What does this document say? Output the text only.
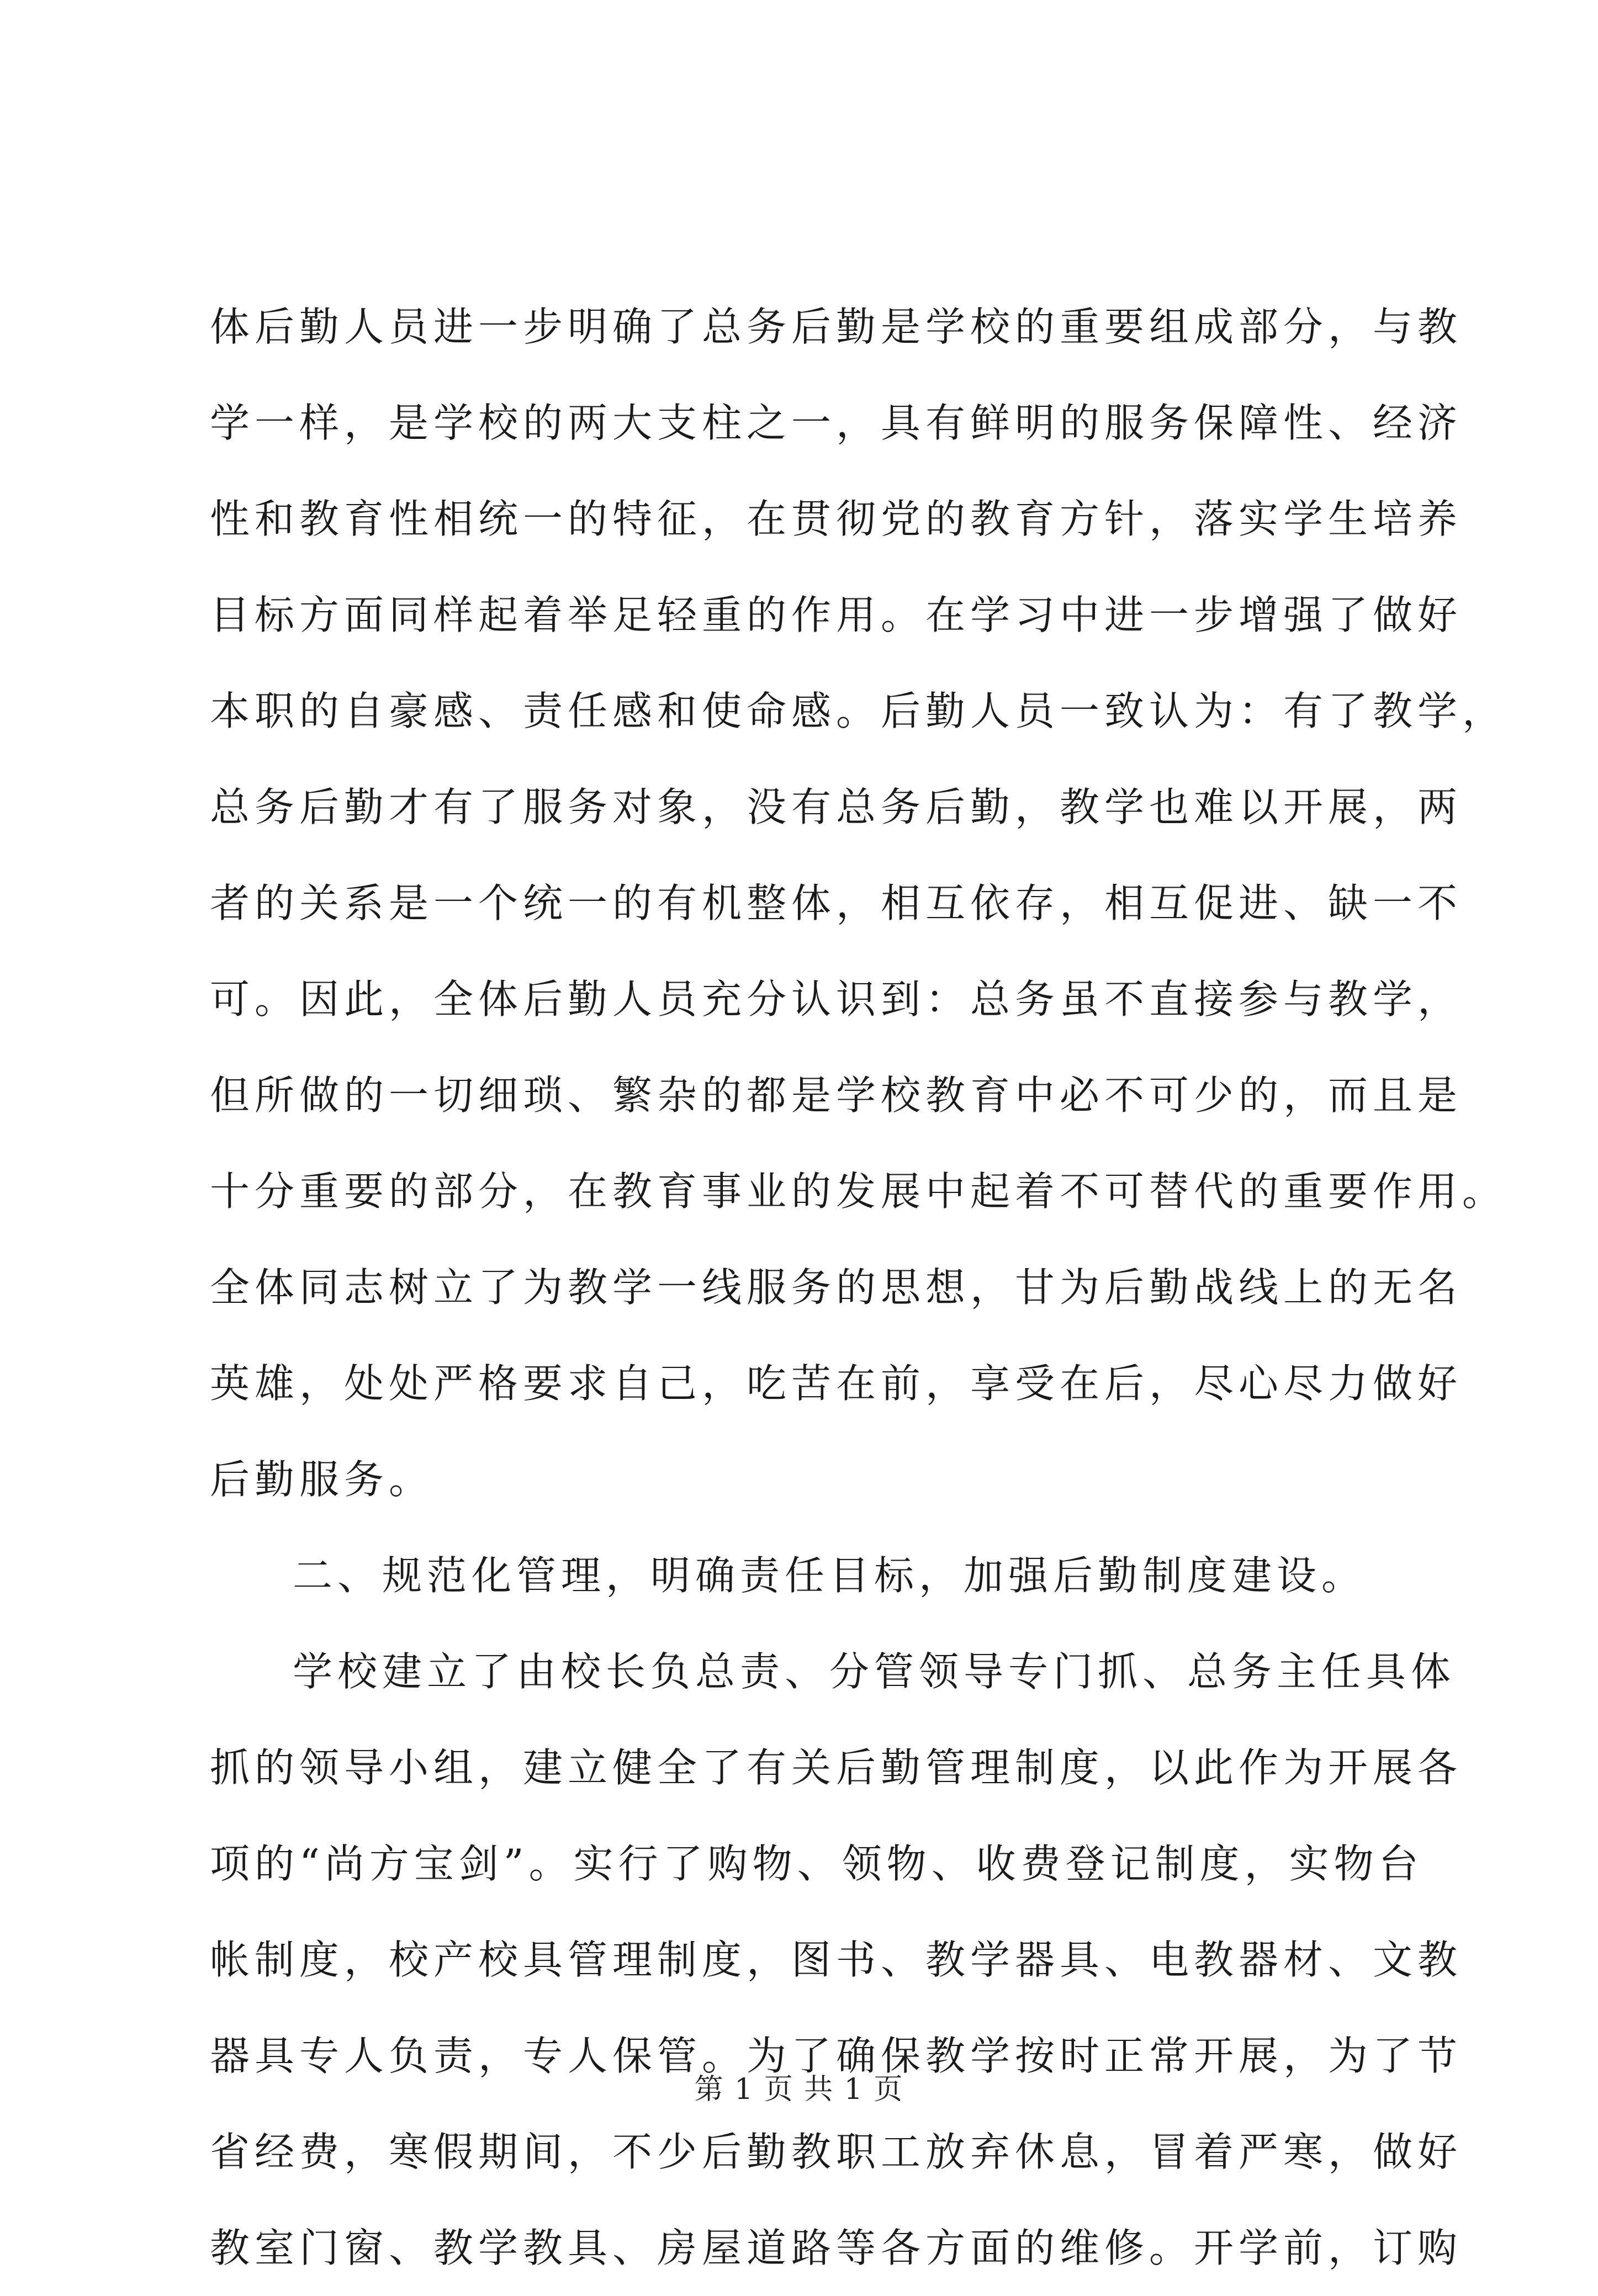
体后勤人员进一步明确了总务后勤是学校的重要组成部分，与教
学一样，是学校的两大支柱之一，具有鲜明的服务保障性、经济
性和教育性相统一的特征，在贯彻党的教育方针，落实学生培养
目标方面同样起着举足轻重的作用。在学习中进一步增强了做好
本职的自豪感、责任感和使命感。后勤人员一致认为：有了教学，
总务后勤才有了服务对象，没有总务后勤，教学也难以开展，两
者的关系是一个统一的有机整体，相互依存，相互促进、缺一不
可。因此，全体后勤人员充分认识到：总务虽不直接参与教学，
但所做的一切细琐、繁杂的都是学校教育中必不可少的，而且是
十分重要的部分，在教育事业的发展中起着不可替代的重要作用。
全体同志树立了为教学一线服务的思想，甘为后勤战线上的无名
英雄，处处严格要求自己，吃苦在前，享受在后，尽心尽力做好
后勤服务。
二、规范化管理，明确责任目标，加强后勤制度建设。
学校建立了由校长负总责、分管领导专门抓、总务主任具体
抓的领导小组，建立健全了有关后勤管理制度，以此作为开展各
项的“尚方宝剑”。实行了购物、领物、收费登记制度，实物台
帐制度，校产校具管理制度，图书、教学器具、电教器材、文教
器具专人负责，专人保管。为了确保教学按时正常开展，为了节
省经费，寒假期间，不少后勤教职工放弃休息，冒着严寒，做好
教室门窗、教学教具、房屋道路等各方面的维修。开学前，订购
第 1 页 共 1 页
